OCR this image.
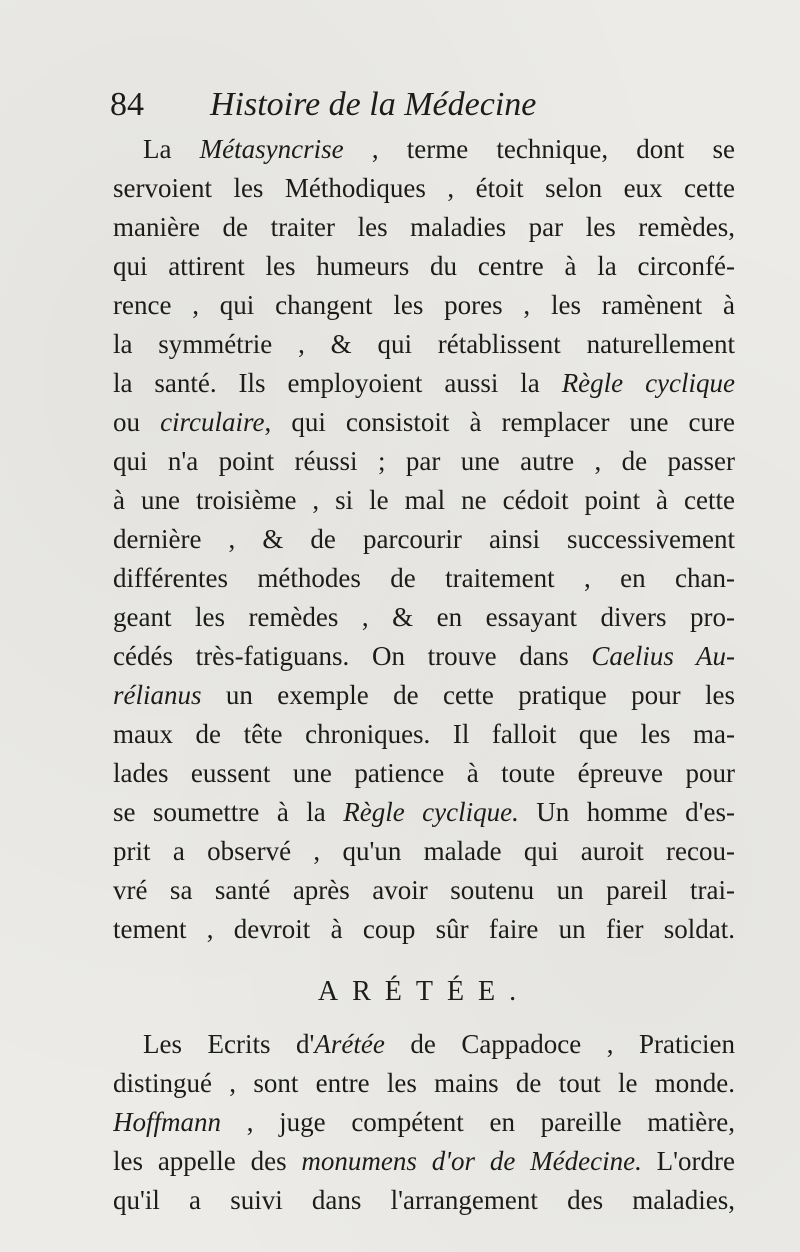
84 Histoire de la Médecine
La Métasyncrise , terme technique, dont se
servoient les Méthodiques , étoit selon eux cette
manière de traiter les maladies par les remèdes,
qui attirent les humeurs du centre à la circonfé-
rence , qui changent les pores , les ramènent à
la symmétrie , & qui rétablissent naturellement
la santé. Ils employoient aussi la Règle cyclique
ou circulaire, qui consistoit à remplacer une cure
qui n'a point réussi ; par une autre , de passer
à une troisième , si le mal ne cédoit point à cette
dernière , & de parcourir ainsi successivement
différentes méthodes de traitement , en chan-
geant les remèdes , & en essayant divers pro-
cédés très-fatiguans. On trouve dans Caelius Au-
rélianus un exemple de cette pratique pour les
maux de tête chroniques. Il falloit que les ma-
lades eussent une patience à toute épreuve pour
se soumettre à la Règle cyclique. Un homme d'es-
prit a observé , qu'un malade qui auroit recou-
vré sa santé après avoir soutenu un pareil trai-
tement , devroit à coup sûr faire un fier soldat.
ARÉTÉE.
Les Ecrits d'Arétée de Cappadoce , Praticien
distingué , sont entre les mains de tout le monde.
Hoffmann , juge compétent en pareille matière,
les appelle des monumens d'or de Médecine. L'ordre
qu'il a suivi dans l'arrangement des maladies,
